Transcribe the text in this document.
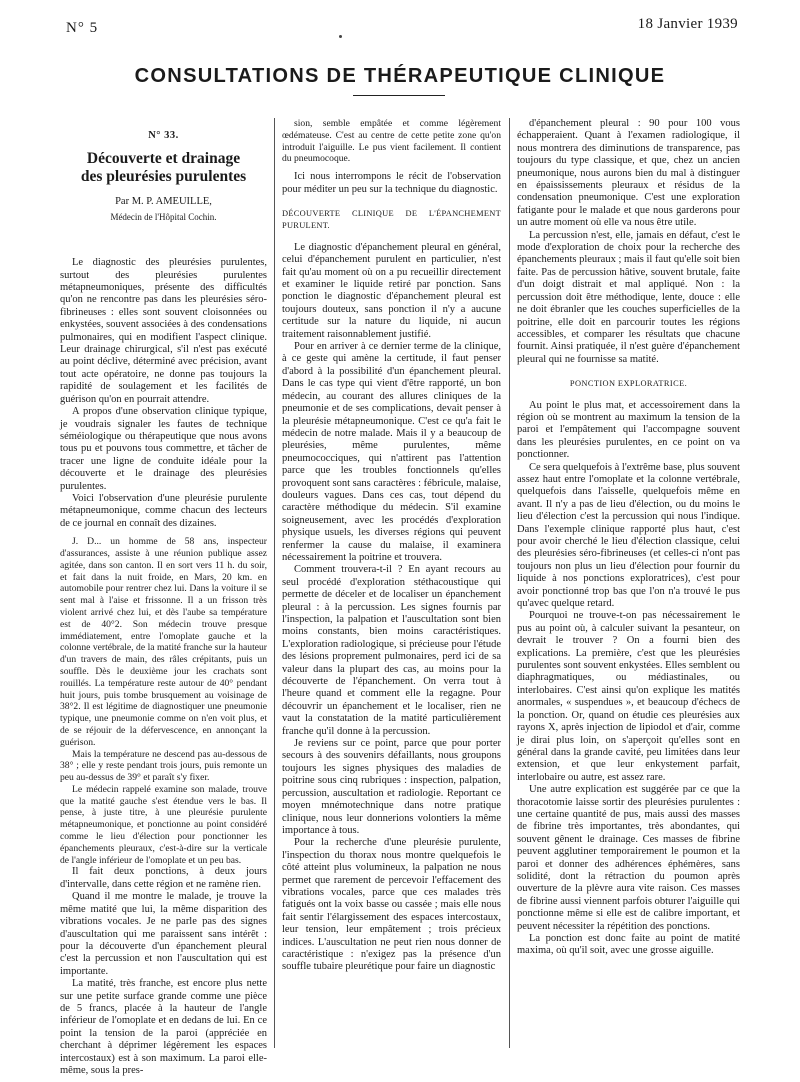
N° 5	18 Janvier 1939
CONSULTATIONS DE THÉRAPEUTIQUE CLINIQUE
N° 33.
Découverte et drainage
des pleurésies purulentes
Par M. P. AMEUILLE,
Médecin de l'Hôpital Cochin.

Le diagnostic des pleurésies purulentes, surtout des pleurésies purulentes métapneumoniques, présente des difficultés qu'on ne rencontre pas dans les pleurésies séro-fibrineuses : elles sont souvent cloisonnées ou enkystées, souvent associées à des condensations pulmonaires, qui en modifient l'aspect clinique. Leur drainage chirurgical, s'il n'est pas exécuté au point déclive, déterminé avec précision, avant tout acte opératoire, ne donne pas toujours la rapidité de soulagement et les facilités de guérison qu'on en pourrait attendre.

A propos d'une observation clinique typique, je voudrais signaler les fautes de technique séméiologique ou thérapeutique que nous avons tous pu et pouvons tous commettre, et tâcher de tracer une ligne de conduite idéale pour la découverte et le drainage des pleurésies purulentes.

Voici l'observation d'une pleurésie purulente métapneumonique, comme chacun des lecteurs de ce journal en connaît des dizaines.

J. D... un homme de 58 ans, inspecteur d'assurances, assiste à une réunion publique assez agitée, dans son canton. Il en sort vers 11 h. du soir, et fait dans la nuit froide, en Mars, 20 km. en automobile pour rentrer chez lui. Dans la voiture il se sent mal à l'aise et frissonne. Il a un frisson très violent arrivé chez lui, et dès l'aube sa température est de 40°2. Son médecin trouve presque immédiatement, entre l'omoplate gauche et la colonne vertébrale, de la matité franche sur la hauteur d'un travers de main, des râles crépitants, puis un souffle. Dès le deuxième jour les crachats sont rouillés. La température reste autour de 40° pendant huit jours, puis tombe brusquement au voisinage de 38°2. Il est légitime de diagnostiquer une pneumonie typique, une pneumonie comme on n'en voit plus, et de se réjouir de la défervescence, en annonçant la guérison.

Mais la température ne descend pas au-dessous de 38° ; elle y reste pendant trois jours, puis remonte un peu au-dessus de 39° et paraît s'y fixer.

Le médecin rappelé examine son malade, trouve que la matité gauche s'est étendue vers le bas. Il pense, à juste titre, à une pleurésie purulente métapneumonique, et ponctionne au point considéré comme le lieu d'élection pour ponctionner les épanchements pleuraux, c'est-à-dire sur la verticale de l'angle inférieur de l'omoplate et un peu bas.

Il fait deux ponctions, à deux jours d'intervalle, dans cette région et ne ramène rien.

Quand il me montre le malade, je trouve la même matité que lui, la même disparition des vibrations vocales. Je ne parle pas des signes d'auscultation qui me paraissent sans intérêt : pour la découverte d'un épanchement pleural c'est la percussion et non l'auscultation qui est importante.

La matité, très franche, est encore plus nette sur une petite surface grande comme une pièce de 5 francs, placée à la hauteur de l'angle inférieur de l'omoplate et en dedans de lui. En ce point la tension de la paroi (appréciée en cherchant à déprimer légèrement les espaces intercostaux) est à son maximum. La paroi elle-même, sous la pres-

sion, semble empâtée et comme légèrement œdémateuse. C'est au centre de cette petite zone qu'on introduit l'aiguille. Le pus vient facilement. Il contient du pneumocoque.

Ici nous interrompons le récit de l'observation pour méditer un peu sur la technique du diagnostic.

DÉCOUVERTE CLINIQUE DE L'ÉPANCHEMENT PURULENT.

Le diagnostic d'épanchement pleural en général, celui d'épanchement purulent en particulier, n'est fait qu'au moment où on a pu recueillir directement et examiner le liquide retiré par ponction. Sans ponction le diagnostic d'épanchement pleural est toujours douteux, sans ponction il n'y a aucune certitude sur la nature du liquide, ni aucun traitement raisonnablement justifié.

Pour en arriver à ce dernier terme de la clinique, à ce geste qui amène la certitude, il faut penser d'abord à la possibilité d'un épanchement pleural. Dans le cas type qui vient d'être rapporté, un bon médecin, au courant des allures cliniques de la pneumonie et de ses complications, devait penser à la pleurésie métapneumonique. C'est ce qu'a fait le médecin de notre malade. Mais il y a beaucoup de pleurésies, même purulentes, même pneumococciques, qui n'attirent pas l'attention parce que les troubles fonctionnels qu'elles provoquent sont sans caractères : fébricule, malaise, douleurs vagues. Dans ces cas, tout dépend du caractère méthodique du médecin. S'il examine soigneusement, avec les procédés d'exploration physique usuels, les diverses régions qui peuvent renfermer la cause du malaise, il examinera nécessairement la poitrine et trouvera.

Comment trouvera-t-il ? En ayant recours au seul procédé d'exploration stéthacoustique qui permette de déceler et de localiser un épanchement pleural : à la percussion. Les signes fournis par l'inspection, la palpation et l'auscultation sont bien moins constants, bien moins caractéristiques. L'exploration radiologique, si précieuse pour l'étude des lésions proprement pulmonaires, perd ici de sa valeur dans la plupart des cas, au moins pour la découverte de l'épanchement. On verra tout à l'heure quand et comment elle la regagne. Pour découvrir un épanchement et le localiser, rien ne vaut la constatation de la matité particulièrement franche qu'il donne à la percussion.

Je reviens sur ce point, parce que pour porter secours à des souvenirs défaillants, nous groupons toujours les signes physiques des maladies de poitrine sous cinq rubriques : inspection, palpation, percussion, auscultation et radiologie. Reportant ce moyen mnémotechnique dans notre pratique clinique, nous leur donnerions volontiers la même importance à tous.

Pour la recherche d'une pleurésie purulente, l'inspection du thorax nous montre quelquefois le côté atteint plus volumineux, la palpation ne nous permet que rarement de percevoir l'effacement des vibrations vocales, parce que ces malades très fatigués ont la voix basse ou cassée ; mais elle nous fait sentir l'élargissement des espaces intercostaux, leur tension, leur empâtement ; trois précieux indices. L'auscultation ne peut rien nous donner de caractéristique : n'exigez pas la présence d'un souffle tubaire pleurétique pour faire un diagnostic

d'épanchement pleural : 90 pour 100 vous échapperaient. Quant à l'examen radiologique, il nous montrera des diminutions de transparence, pas toujours du type classique, et que, chez un ancien pneumonique, nous aurons bien du mal à distinguer en épaississements pleuraux et résidus de la condensation pneumonique. C'est une exploration fatigante pour le malade et que nous garderons pour un autre moment où elle va nous être utile.

La percussion n'est, elle, jamais en défaut, c'est le mode d'exploration de choix pour la recherche des épanchements pleuraux ; mais il faut qu'elle soit bien faite. Pas de percussion hâtive, souvent brutale, faite d'un doigt distrait et mal appliqué. Non : la percussion doit être méthodique, lente, douce : elle ne doit ébranler que les couches superficielles de la poitrine, elle doit en parcourir toutes les régions accessibles, et comparer les résultats que chacune fournit. Ainsi pratiquée, il n'est guère d'épanchement pleural qui ne fournisse sa matité.

PONCTION EXPLORATRICE.

Au point le plus mat, et accessoirement dans la région où se montrent au maximum la tension de la paroi et l'empâtement qui l'accompagne souvent dans les pleurésies purulentes, en ce point on va ponctionner.

Ce sera quelquefois à l'extrême base, plus souvent assez haut entre l'omoplate et la colonne vertébrale, quelquefois dans l'aisselle, quelquefois même en avant. Il n'y a pas de lieu d'élection, ou du moins le lieu d'élection c'est la percussion qui nous l'indique. Dans l'exemple clinique rapporté plus haut, c'est pour avoir cherché le lieu d'élection classique, celui des pleurésies séro-fibrineuses (et celles-ci n'ont pas toujours non plus un lieu d'élection pour fournir du liquide à nos ponctions exploratrices), c'est pour avoir ponctionné trop bas que l'on n'a trouvé le pus qu'avec quelque retard.

Pourquoi ne trouve-t-on pas nécessairement le pus au point où, à calculer suivant la pesanteur, on devrait le trouver ? On a fourni bien des explications. La première, c'est que les pleurésies purulentes sont souvent enkystées. Elles semblent ou diaphragmatiques, ou médiastinales, ou interlobaires. C'est ainsi qu'on explique les matités anormales, « suspendues », et beaucoup d'échecs de la ponction. Or, quand on étudie ces pleurésies aux rayons X, après injection de lipiodol et d'air, comme je dirai plus loin, on s'aperçoit qu'elles sont en général dans la grande cavité, peu limitées dans leur extension, et que leur enkystement parfait, interlobaire ou autre, est assez rare.

Une autre explication est suggérée par ce que la thoracotomie laisse sortir des pleurésies purulentes : une certaine quantité de pus, mais aussi des masses de fibrine très importantes, très abondantes, qui souvent gênent le drainage. Ces masses de fibrine peuvent agglutiner temporairement le poumon et la paroi et donner des adhérences éphémères, sans solidité, dont la rétraction du poumon après ouverture de la plèvre aura vite raison. Ces masses de fibrine aussi viennent parfois obturer l'aiguille qui ponctionne même si elle est de calibre important, et peuvent nécessiter la répétition des ponctions.

La ponction est donc faite au point de matité maxima, où qu'il soit, avec une grosse aiguille.
